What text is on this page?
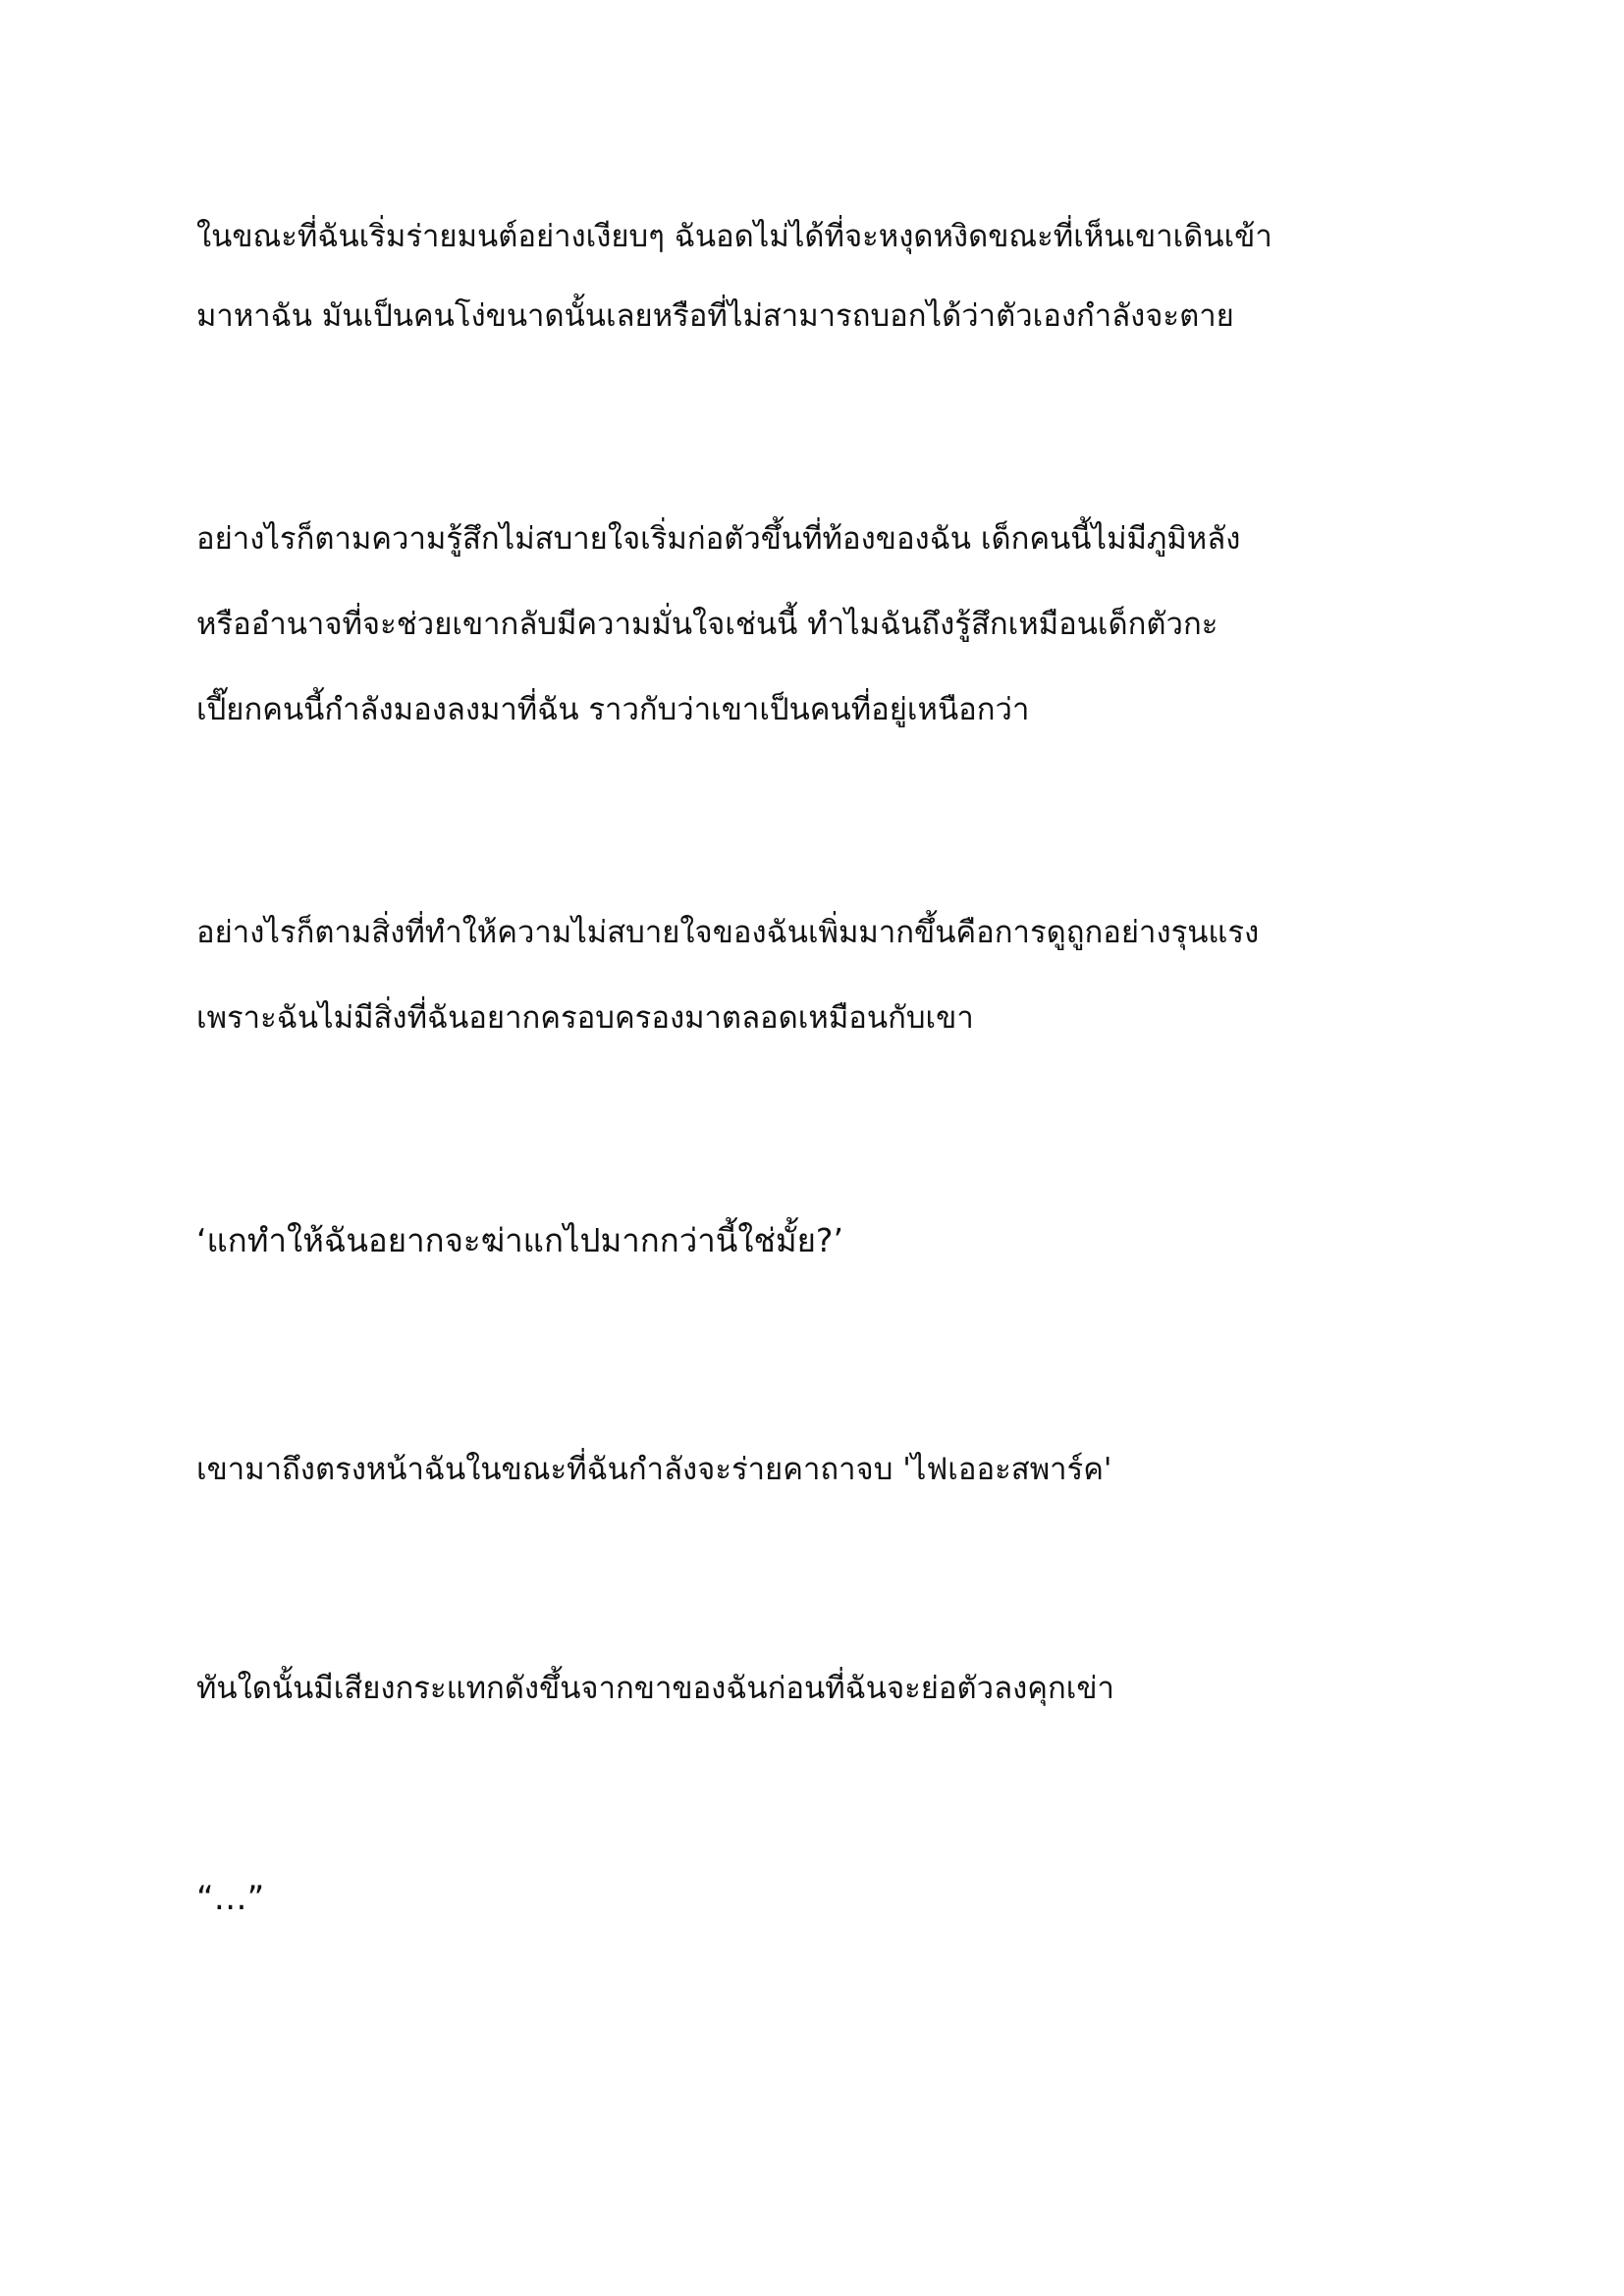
ในขณะที่ฉันเริ่มร่ายมนต์อย่างเงียบๆ ฉันอดไม่ได้ที่จะหงุดหงิดขณะที่เห็นเขาเดินเข้า

มาหาฉัน มันเป็นคนโง่ขนาดนั้นเลยหรือที่ไม่สามารถบอกได้ว่าตัวเองกำลังจะตาย

อย่างไรก็ตามความรู้สึกไม่สบายใจเริ่มก่อตัวขึ้นที่ท้องของฉัน เด็กคนนี้ไม่มีภูมิหลัง

หรืออำนาจที่จะช่วยเขากลับมีความมั่นใจเช่นนี้ ทำไมฉันถึงรู้สึกเหมือนเด็กตัวกะ

เปี๊ยกคนนี้กำลังมองลงมาที่ฉัน ราวกับว่าเขาเป็นคนที่อยู่เหนือกว่า

อย่างไรก็ตามสิ่งที่ทำให้ความไม่สบายใจของฉันเพิ่มมากขึ้นคือการดูถูกอย่างรุนแรง

เพราะฉันไม่มีสิ่งที่ฉันอยากครอบครองมาตลอดเหมือนกับเขา

‘แกทำให้ฉันอยากจะฆ่าแกไปมากกว่านี้ใช่มั้ย?’

เขามาถึงตรงหน้าฉันในขณะที่ฉันกำลังจะร่ายคาถาจบ 'ไฟเออะสพาร์ค'

ทันใดนั้นมีเสียงกระแทกดังขึ้นจากขาของฉันก่อนที่ฉันจะย่อตัวลงคุกเข่า

“…”
